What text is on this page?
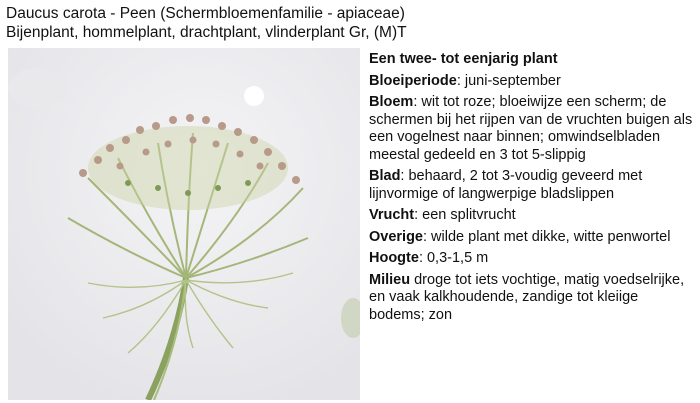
Daucus carota - Peen (Schermbloemenfamilie - apiaceae)
Bijenplant, hommelplant, drachtplant, vlinderplant Gr, (M)T

Een twee- tot eenjarig plant

Bloeiperiode: juni-september

Bloem: wit tot roze; bloeiwijze een scherm; de schermen bij het rijpen van de vruchten buigen als een vogelnest naar binnen; omwindselbladen meestal gedeeld en 3 tot 5-slippig

Blad: behaard, 2 tot 3-voudig geveerd met lijnvormige of langwerpige bladslippen

Vrucht: een splitvrucht

Overige: wilde plant met dikke, witte penwortel

Hoogte: 0,3-1,5 m

Milieu droge tot iets vochtige, matig voedselrijke, en vaak kalkhoudende, zandige tot kleiige bodems; zon
